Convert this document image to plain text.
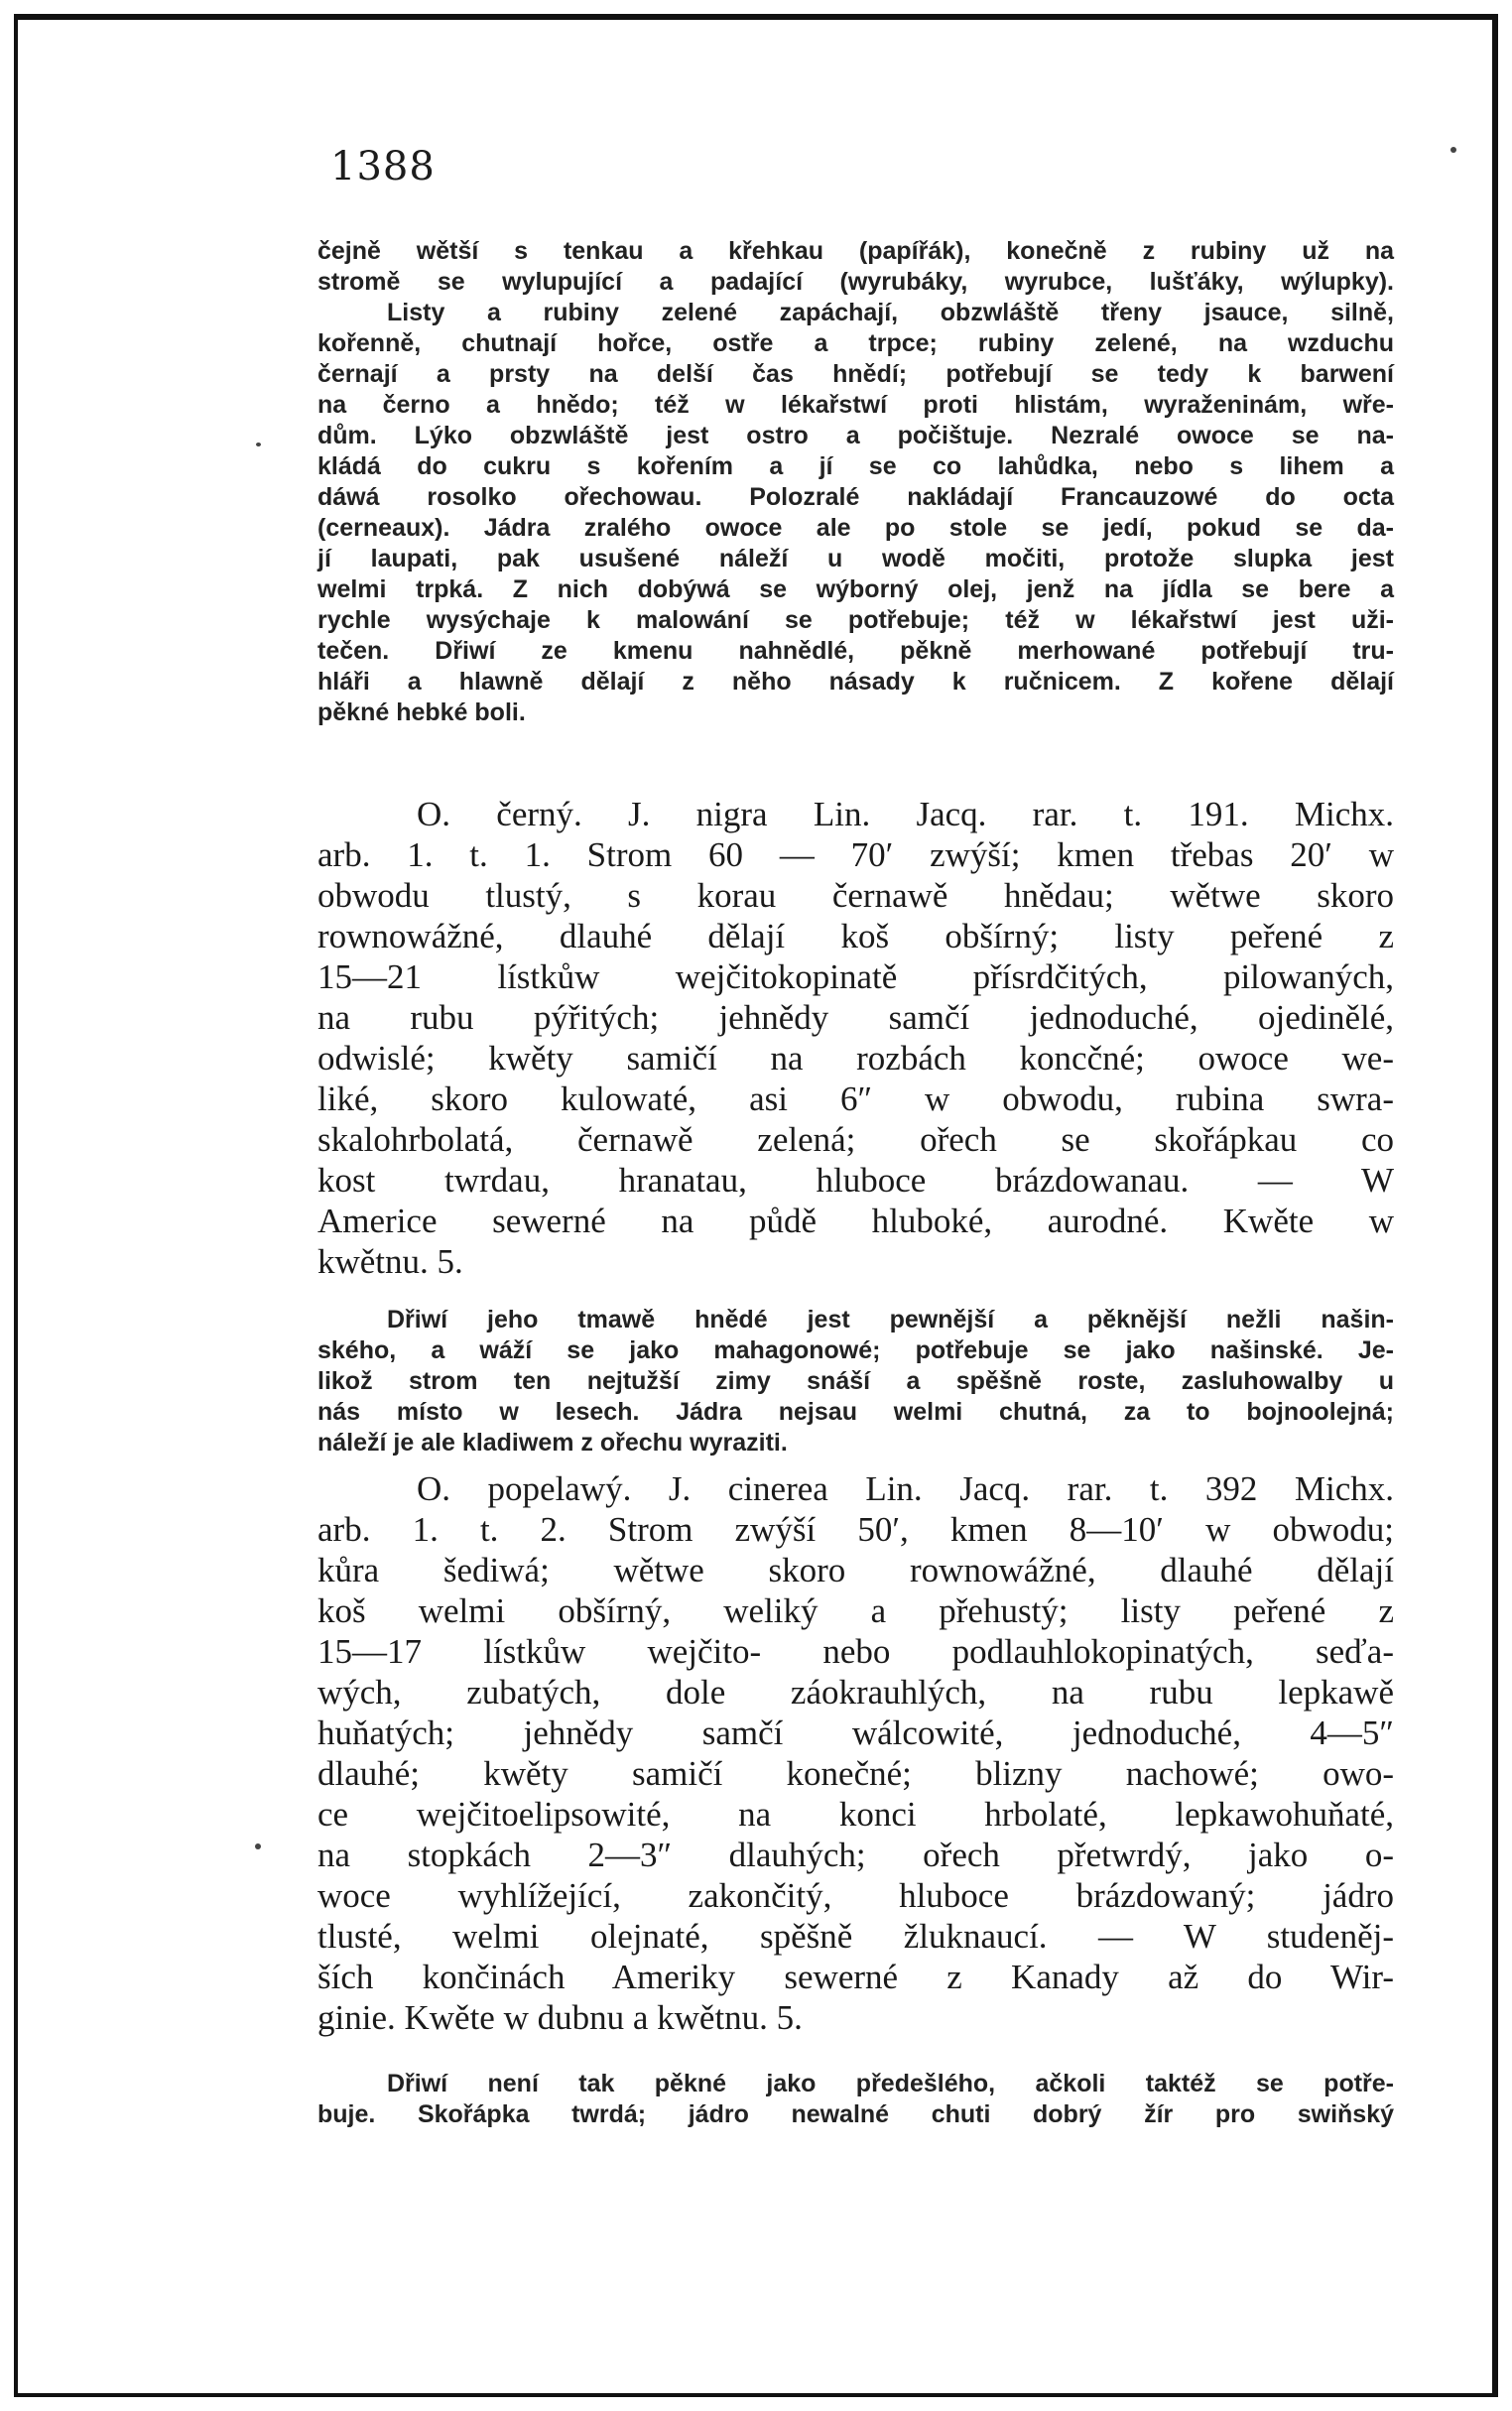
1388
čejně wětší s tenkau a křehkau (papířák), konečně z rubiny už na
stromě se wylupující a padající (wyrubáky, wyrubce, lušťáky, wýlupky).
Listy a rubiny zelené zapáchají, obzwláště třeny jsauce, silně,
kořenně, chutnají hořce, ostře a trpce; rubiny zelené, na wzduchu
černají a prsty na delší čas hnědí; potřebují se tedy k barwení
na černo a hnědo; též w lékařstwí proti hlistám, wyraženinám, wře-
dům. Lýko obzwláště jest ostro a počištuje. Nezralé owoce se na-
kládá do cukru s kořením a jí se co lahůdka, nebo s lihem a
dáwá rosolko ořechowau. Polozralé nakládají Francauzowé do octa
(cerneaux). Jádra zralého owoce ale po stole se jedí, pokud se da-
jí laupati, pak usušené náleží u wodě močiti, protože slupka jest
welmi trpká. Z nich dobýwá se wýborný olej, jenž na jídla se bere a
rychle wysýchaje k malowání se potřebuje; též w lékařstwí jest uži-
tečen. Dřiwí ze kmenu nahnědlé, pěkně merhowané potřebují tru-
hláři a hlawně dělají z něho násady k ručnicem. Z kořene dělají
pěkné hebké boli.
O. černý. J. nigra Lin. Jacq. rar. t. 191. Michx.
arb. 1. t. 1. Strom 60 — 70′ zwýší; kmen třebas 20′ w
obwodu tlustý, s korau černawě hnědau; wětwe skoro
rownowážné, dlauhé dělají koš obšírný; listy peřené z
15—21 lístkůw wejčitokopinatě přísrdčitých, pilowaných,
na rubu pýřitých; jehnědy samčí jednoduché, ojedinělé,
odwislé; kwěty samičí na rozbách koncčné; owoce we-
liké, skoro kulowaté, asi 6″ w obwodu, rubina swra-
skalohrbolatá, černawě zelená; ořech se skořápkau co
kost twrdau, hranatau, hluboce brázdowanau. — W
Americe sewerné na půdě hluboké, aurodné. Kwěte w
kwětnu. 5.
Dřiwí jeho tmawě hnědé jest pewnější a pěknější nežli našin-
ského, a wáží se jako mahagonowé; potřebuje se jako našinské. Je-
likož strom ten nejtužší zimy snáší a spěšně roste, zasluhowalby u
nás místo w lesech. Jádra nejsau welmi chutná, za to bojnoolejná;
náleží je ale kladiwem z ořechu wyraziti.
O. popelawý. J. cinerea Lin. Jacq. rar. t. 392 Michx.
arb. 1. t. 2. Strom zwýší 50′, kmen 8—10′ w obwodu;
kůra šediwá; wětwe skoro rownowážné, dlauhé dělají
koš welmi obšírný, weliký a přehustý; listy peřené z
15—17 lístkůw wejčito- nebo podlauhlokopinatých, seďa-
wých, zubatých, dole záokrauhlých, na rubu lepkawě
huňatých; jehnědy samčí wálcowité, jednoduché, 4—5″
dlauhé; kwěty samičí konečné; blizny nachowé; owo-
ce wejčitoelipsowité, na konci hrbolaté, lepkawohuňaté,
na stopkách 2—3″ dlauhých; ořech přetwrdý, jako o-
woce wyhlížející, zakončitý, hluboce brázdowaný; jádro
tlusté, welmi olejnaté, spěšně žluknaucí. — W studeněj-
ších končinách Ameriky sewerné z Kanady až do Wir-
ginie. Kwěte w dubnu a kwětnu. 5.
Dřiwí není tak pěkné jako předešlého, ačkoli taktéž se potře-
buje. Skořápka twrdá; jádro newalné chuti dobrý žír pro swiňský
